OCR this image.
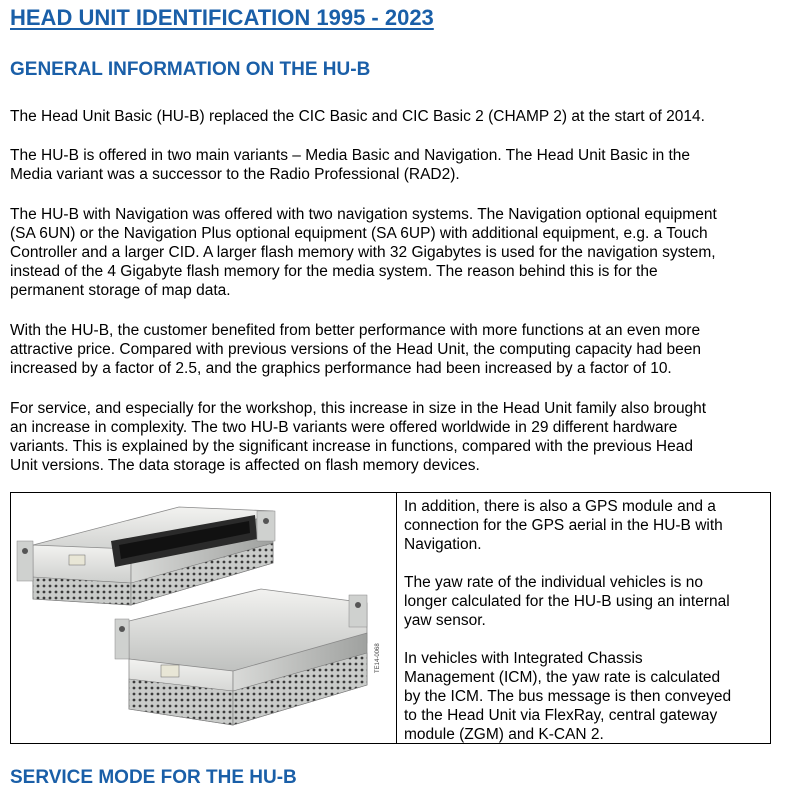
HEAD UNIT IDENTIFICATION 1995 - 2023
GENERAL INFORMATION ON THE HU-B
The Head Unit Basic (HU-B) replaced the CIC Basic and CIC Basic 2 (CHAMP 2) at the start of 2014.
The HU-B is offered in two main variants – Media Basic and Navigation. The Head Unit Basic in the
Media variant was a successor to the Radio Professional (RAD2).
The HU-B with Navigation was offered with two navigation systems. The Navigation optional equipment
(SA 6UN) or the Navigation Plus optional equipment (SA 6UP) with additional equipment, e.g. a Touch
Controller and a larger CID. A larger flash memory with 32 Gigabytes is used for the navigation system,
instead of the 4 Gigabyte flash memory for the media system. The reason behind this is for the
permanent storage of map data.
With the HU-B, the customer benefited from better performance with more functions at an even more
attractive price. Compared with previous versions of the Head Unit, the computing capacity had been
increased by a factor of 2.5, and the graphics performance had been increased by a factor of 10.
For service, and especially for the workshop, this increase in size in the Head Unit family also brought
an increase in complexity. The two HU-B variants were offered worldwide in 29 different hardware
variants. This is explained by the significant increase in functions, compared with the previous Head
Unit versions. The data storage is affected on flash memory devices.
TE14-0068

In addition, there is also a GPS module and a
connection for the GPS aerial in the HU-B with
Navigation.

The yaw rate of the individual vehicles is no
longer calculated for the HU-B using an internal
yaw sensor.

In vehicles with Integrated Chassis
Management (ICM), the yaw rate is calculated
by the ICM. The bus message is then conveyed
to the Head Unit via FlexRay, central gateway
module (ZGM) and K-CAN 2.

SERVICE MODE FOR THE HU-B
